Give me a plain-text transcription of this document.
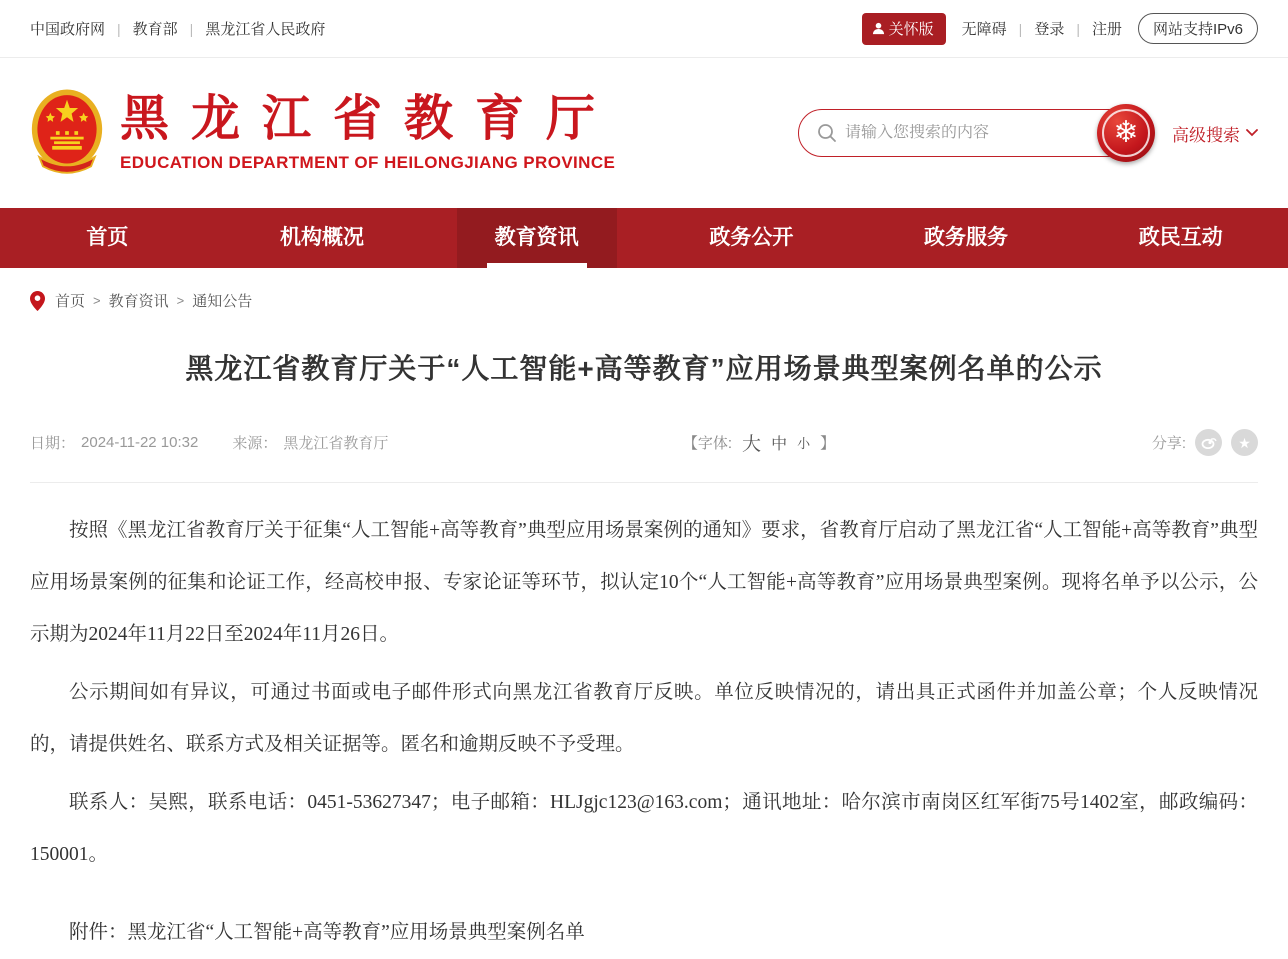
中国政府网 | 教育部 | 黑龙江省人民政府	关怀版 无障碍 | 登录 | 注册	网站支持IPv6
黑龙江省教育厅
EDUCATION DEPARTMENT OF HEILONGJIANG PROVINCE
请输入您搜索的内容
❄ 高级搜索
首页	机构概况	教育资讯	政务公开	政务服务	政民互动
首页 > 教育资讯 > 通知公告
黑龙江省教育厅关于“人工智能+高等教育”应用场景典型案例名单的公示
日期： 2024-11-22 10:32 来源： 黑龙江省教育厅	【字体: 大 中 小 】	分享:	★

按照《黑龙江省教育厅关于征集“人工智能+高等教育”典型应用场景案例的通知》要求，省教育厅启动了黑龙江省“人工智能+高等教育”典型应用场景案例的征集和论证工作，经高校申报、专家论证等环节，拟认定10个“人工智能+高等教育”应用场景典型案例。现将名单予以公示，公示期为2024年11月22日至2024年11月26日。

公示期间如有异议，可通过书面或电子邮件形式向黑龙江省教育厅反映。单位反映情况的，请出具正式函件并加盖公章；个人反映情况的，请提供姓名、联系方式及相关证据等。匿名和逾期反映不予受理。

联系人：吴熙，联系电话：0451-53627347；电子邮箱：HLJgjc123@163.com；通讯地址：哈尔滨市南岗区红军街75号1402室，邮政编码：150001。

附件：黑龙江省“人工智能+高等教育”应用场景典型案例名单
